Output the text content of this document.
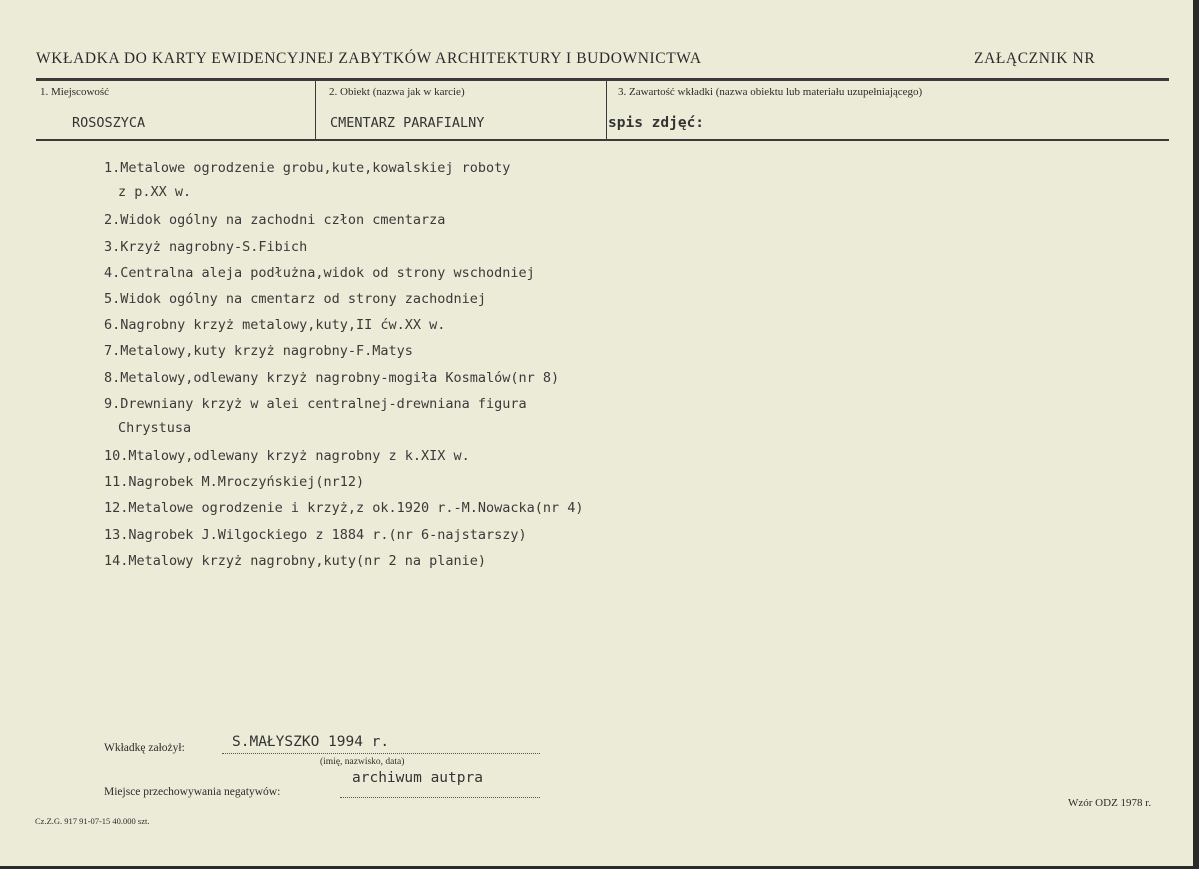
WKŁADKA DO KARTY EWIDENCYJNEJ ZABYTKÓW ARCHITEKTURY I BUDOWNICTWA	ZAŁĄCZNIK NR
1. Miejscowość
ROSOSZYCA
2. Obiekt (nazwa jak w karcie)
CMENTARZ PARAFIALNY
3. Zawartość wkładki (nazwa obiektu lub materiału uzupełniającego)
spis zdjęć:
1.Metalowe ogrodzenie grobu,kute,kowalskiej roboty
z p.XX w.
2.Widok ogólny na zachodni człon cmentarza
3.Krzyż nagrobny-S.Fibich
4.Centralna aleja podłużna,widok od strony wschodniej
5.Widok ogólny na cmentarz od strony zachodniej
6.Nagrobny krzyż metalowy,kuty,II ćw.XX w.
7.Metalowy,kuty krzyż nagrobny-F.Matys
8.Metalowy,odlewany krzyż nagrobny-mogiła Kosmalów(nr 8)
9.Drewniany krzyż w alei centralnej-drewniana figura
Chrystusa
10.Mtalowy,odlewany krzyż nagrobny z k.XIX w.
11.Nagrobek M.Mroczyńskiej(nr12)
12.Metalowe ogrodzenie i krzyż,z ok.1920 r.-M.Nowacka(nr 4)
13.Nagrobek J.Wilgockiego z 1884 r.(nr 6-najstarszy)
14.Metalowy krzyż nagrobny,kuty(nr 2 na planie)
Wkładkę założył:	S.MAŁYSZKO 1994 r.
(imię, nazwisko, data)
archiwum autpra
Miejsce przechowywania negatywów:
Cz.Z.G. 917 91-07-15 40.000 szt.
Wzór ODZ 1978 r.
